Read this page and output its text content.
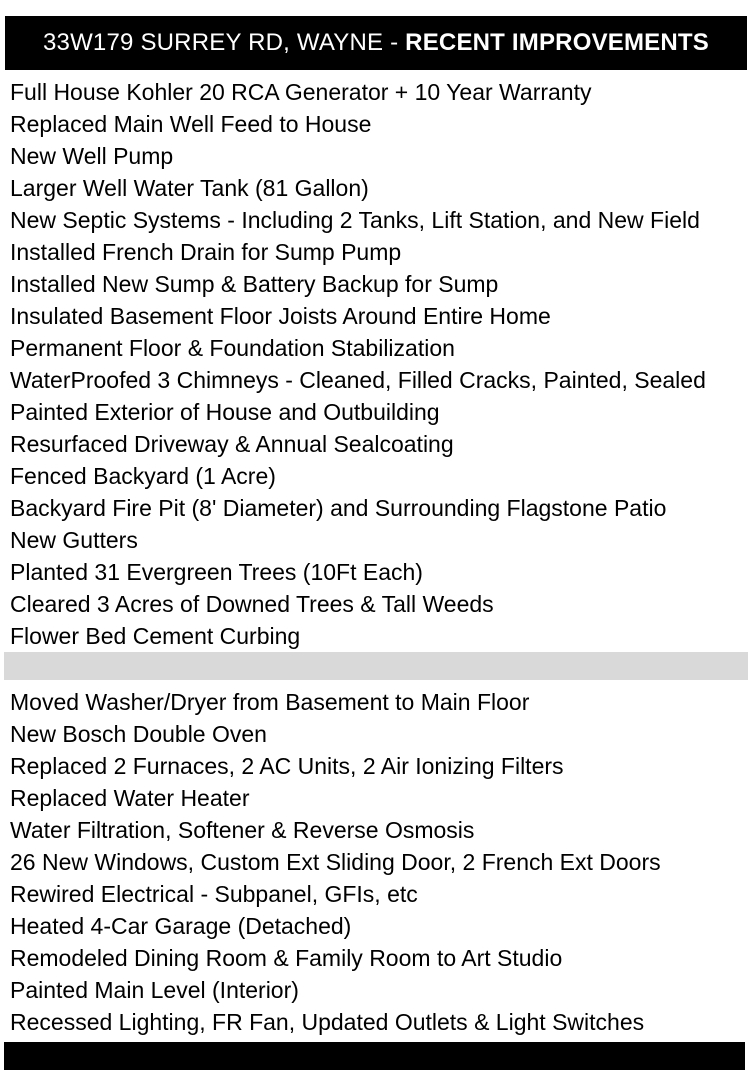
33W179 SURREY RD, WAYNE - RECENT IMPROVEMENTS
Full House Kohler 20 RCA Generator + 10 Year Warranty
Replaced Main Well Feed to House
New Well Pump
Larger Well Water Tank (81 Gallon)
New Septic Systems - Including 2 Tanks, Lift Station, and New Field
Installed French Drain for Sump Pump
Installed New Sump & Battery Backup for Sump
Insulated Basement Floor Joists Around Entire Home
Permanent Floor & Foundation Stabilization
WaterProofed 3 Chimneys - Cleaned, Filled Cracks, Painted, Sealed
Painted Exterior of House and Outbuilding
Resurfaced Driveway & Annual Sealcoating
Fenced Backyard (1 Acre)
Backyard Fire Pit (8' Diameter) and Surrounding Flagstone Patio
New Gutters
Planted 31 Evergreen Trees (10Ft Each)
Cleared 3 Acres of Downed Trees & Tall Weeds
Flower Bed Cement Curbing
Moved Washer/Dryer from Basement to Main Floor
New Bosch Double Oven
Replaced 2 Furnaces, 2 AC Units, 2 Air Ionizing Filters
Replaced Water Heater
Water Filtration, Softener & Reverse Osmosis
26 New Windows, Custom Ext Sliding Door, 2 French Ext Doors
Rewired Electrical - Subpanel, GFIs, etc
Heated 4-Car Garage (Detached)
Remodeled Dining Room & Family Room to Art Studio
Painted Main Level (Interior)
Recessed Lighting, FR Fan, Updated Outlets & Light Switches
